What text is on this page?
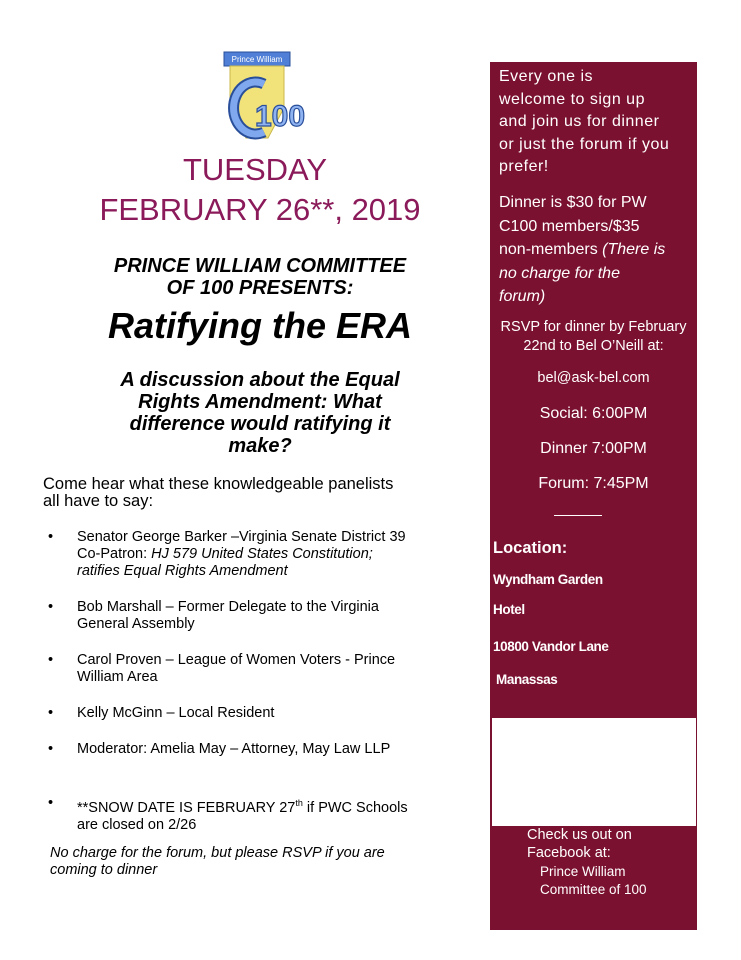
Prince William
100
TUESDAY
FEBRUARY 26**, 2019
PRINCE WILLIAM COMMITTEE
OF 100 PRESENTS:
Ratifying the ERA
A discussion about the Equal
Rights Amendment: What
difference would ratifying it
make?
Come hear what these knowledgeable panelists
all have to say:
• Senator George Barker –Virginia Senate District 39
Co-Patron: HJ 579 United States Constitution;
ratifies Equal Rights Amendment
• Bob Marshall – Former Delegate to the Virginia
General Assembly
• Carol Proven – League of Women Voters - Prince
William Area
• Kelly McGinn – Local Resident
• Moderator: Amelia May – Attorney, May Law LLP
• **SNOW DATE IS FEBRUARY 27th if PWC Schools
are closed on 2/26
No charge for the forum, but please RSVP if you are
coming to dinner
Every one is
welcome to sign up
and join us for dinner
or just the forum if you
prefer!
Dinner is $30 for PW
C100 members/$35
non-members (There is
no charge for the
forum)
RSVP for dinner by February
22nd to Bel O’Neill at:
bel@ask-bel.com
Social: 6:00PM
Dinner 7:00PM
Forum: 7:45PM
Location:
Wyndham Garden
Hotel
10800 Vandor Lane
Manassas
Check us out on
Facebook at:
Prince William
Committee of 100
